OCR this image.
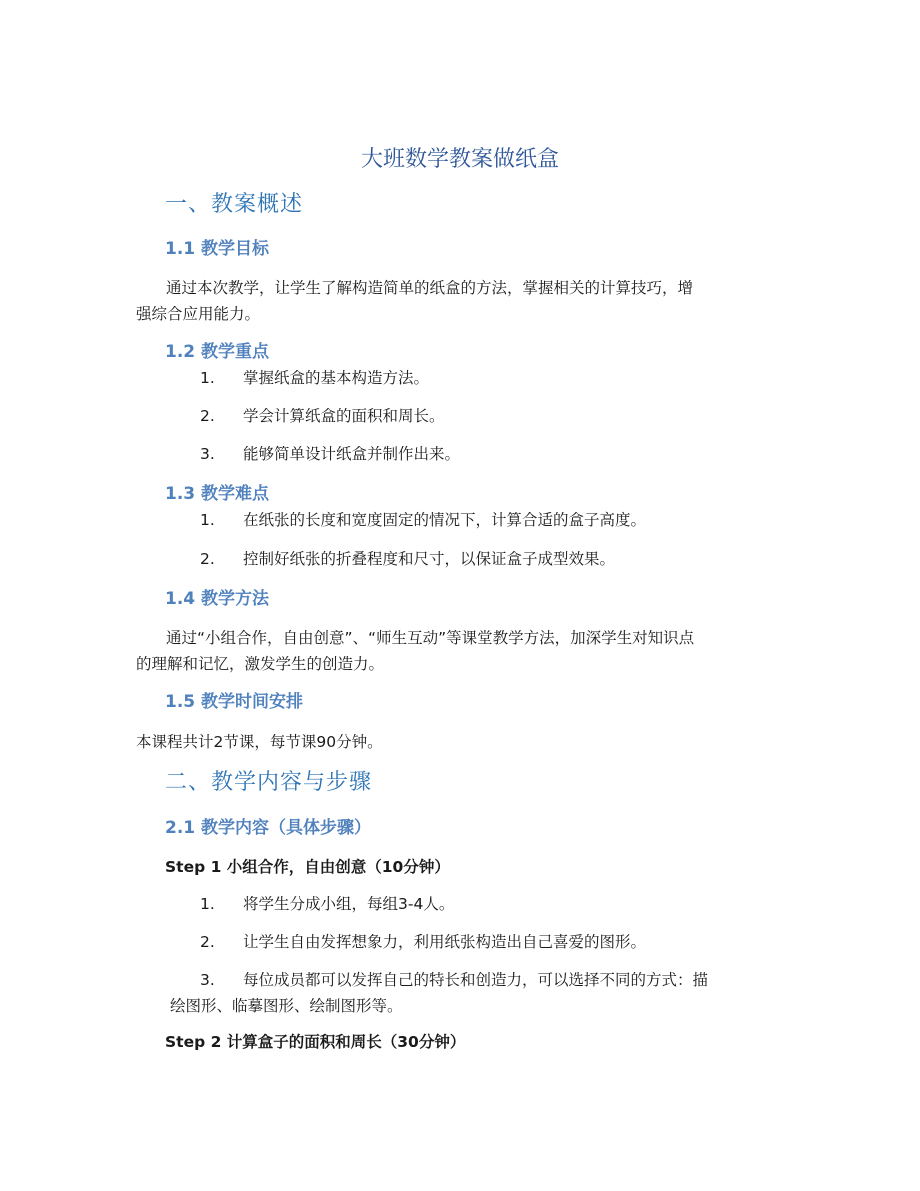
大班数学教案做纸盒
一、教案概述
1.1 教学目标
通过本次教学，让学生了解构造简单的纸盒的方法，掌握相关的计算技巧，增
强综合应用能力。
1.2 教学重点
1. 掌握纸盒的基本构造方法。
2. 学会计算纸盒的面积和周长。
3. 能够简单设计纸盒并制作出来。
1.3 教学难点
1. 在纸张的长度和宽度固定的情况下，计算合适的盒子高度。
2. 控制好纸张的折叠程度和尺寸，以保证盒子成型效果。
1.4 教学方法
通过“小组合作，自由创意”、“师生互动”等课堂教学方法，加深学生对知识点
的理解和记忆，激发学生的创造力。
1.5 教学时间安排
本课程共计2节课，每节课90分钟。
二、教学内容与步骤
2.1 教学内容（具体步骤）
Step 1 小组合作，自由创意（10分钟）
1. 将学生分成小组，每组3-4人。
2. 让学生自由发挥想象力，利用纸张构造出自己喜爱的图形。
3. 每位成员都可以发挥自己的特长和创造力，可以选择不同的方式：描
绘图形、临摹图形、绘制图形等。
Step 2 计算盒子的面积和周长（30分钟）
